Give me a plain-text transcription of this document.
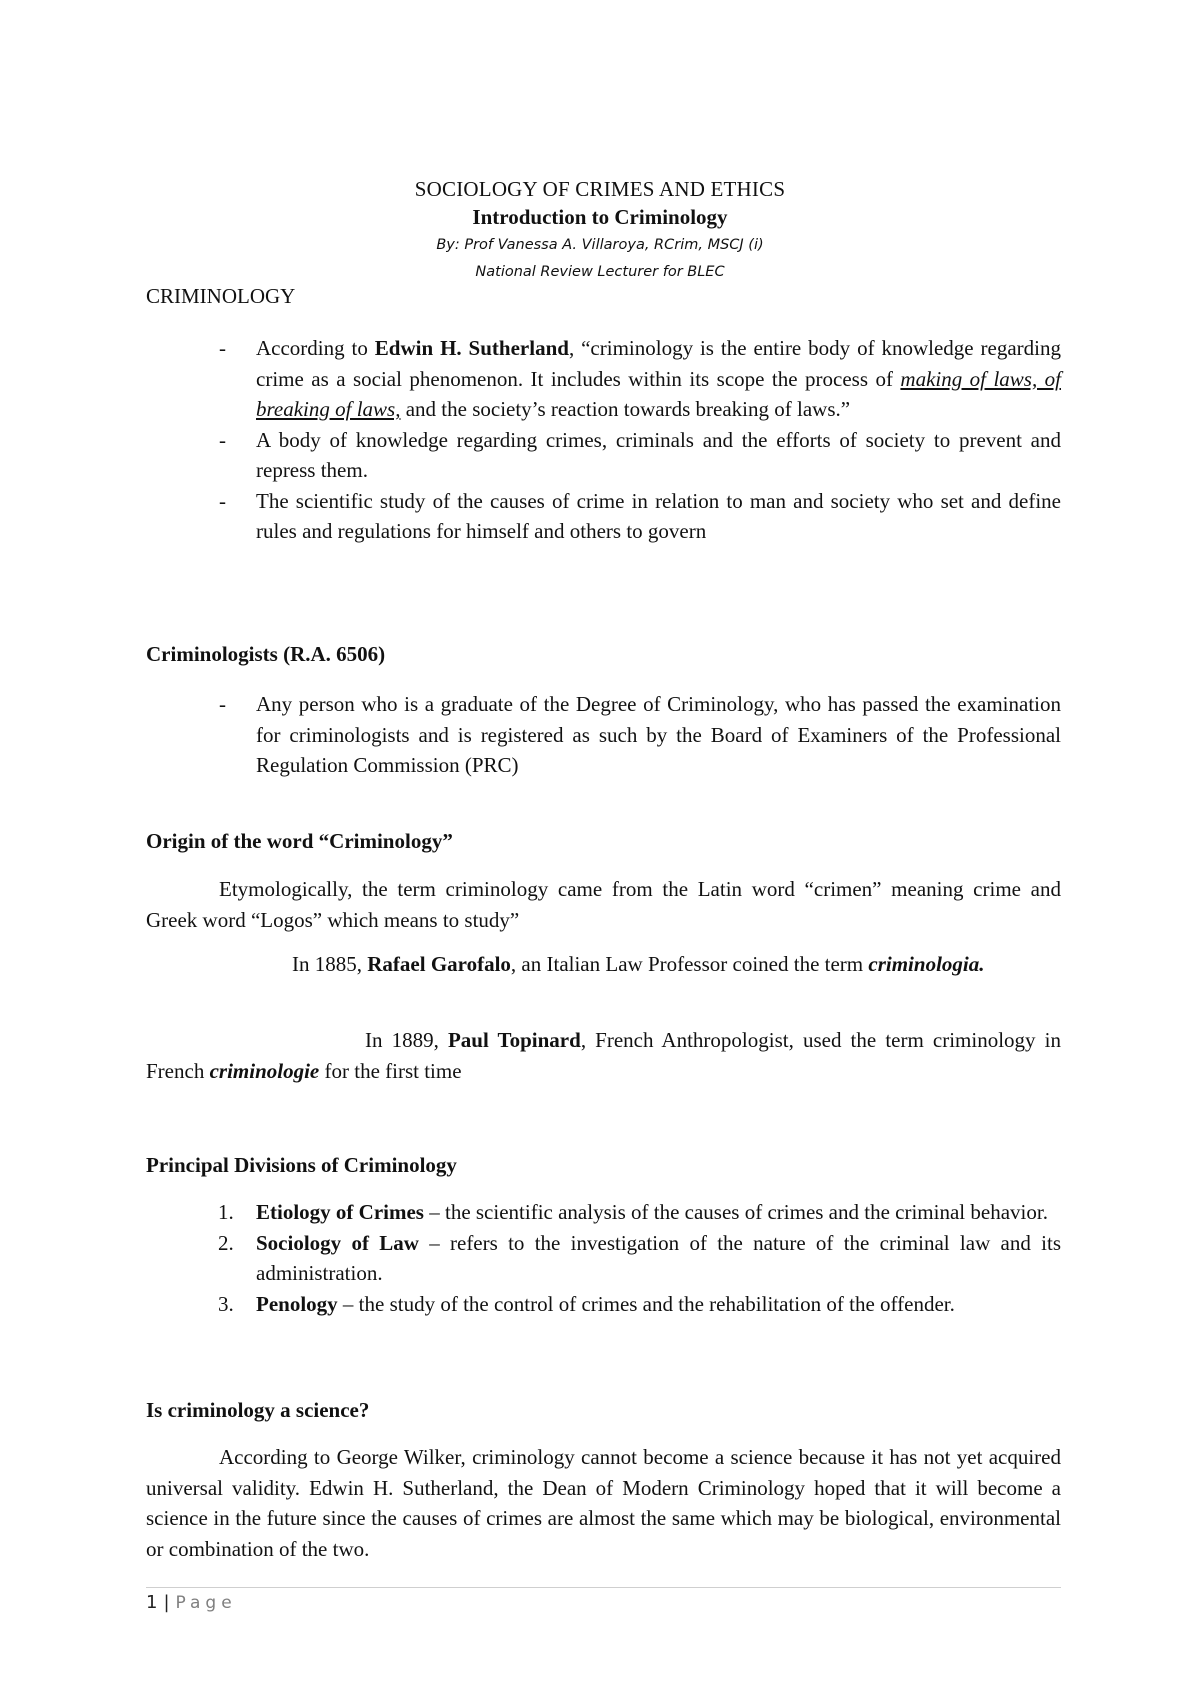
SOCIOLOGY OF CRIMES AND ETHICS
Introduction to Criminology
By: Prof Vanessa A. Villaroya, RCrim, MSCJ (i)
National Review Lecturer for BLEC
CRIMINOLOGY
- According to Edwin H. Sutherland, “criminology is the entire body of knowledge regarding crime as a social phenomenon. It includes within its scope the process of making of laws, of breaking of laws, and the society’s reaction towards breaking of laws.”
- A body of knowledge regarding crimes, criminals and the efforts of society to prevent and repress them.
- The scientific study of the causes of crime in relation to man and society who set and define rules and regulations for himself and others to govern
Criminologists (R.A. 6506)
- Any person who is a graduate of the Degree of Criminology, who has passed the examination for criminologists and is registered as such by the Board of Examiners of the Professional Regulation Commission (PRC)
Origin of the word “Criminology”
Etymologically, the term criminology came from the Latin word “crimen” meaning crime and Greek word “Logos” which means to study”
In 1885, Rafael Garofalo, an Italian Law Professor coined the term criminologia.
In 1889, Paul Topinard, French Anthropologist, used the term criminology in French criminologie for the first time
Principal Divisions of Criminology
1. Etiology of Crimes – the scientific analysis of the causes of crimes and the criminal behavior.
2. Sociology of Law – refers to the investigation of the nature of the criminal law and its administration.
3. Penology – the study of the control of crimes and the rehabilitation of the offender.
Is criminology a science?
According to George Wilker, criminology cannot become a science because it has not yet acquired universal validity. Edwin H. Sutherland, the Dean of Modern Criminology hoped that it will become a science in the future since the causes of crimes are almost the same which may be biological, environmental or combination of the two.
1 | Page
